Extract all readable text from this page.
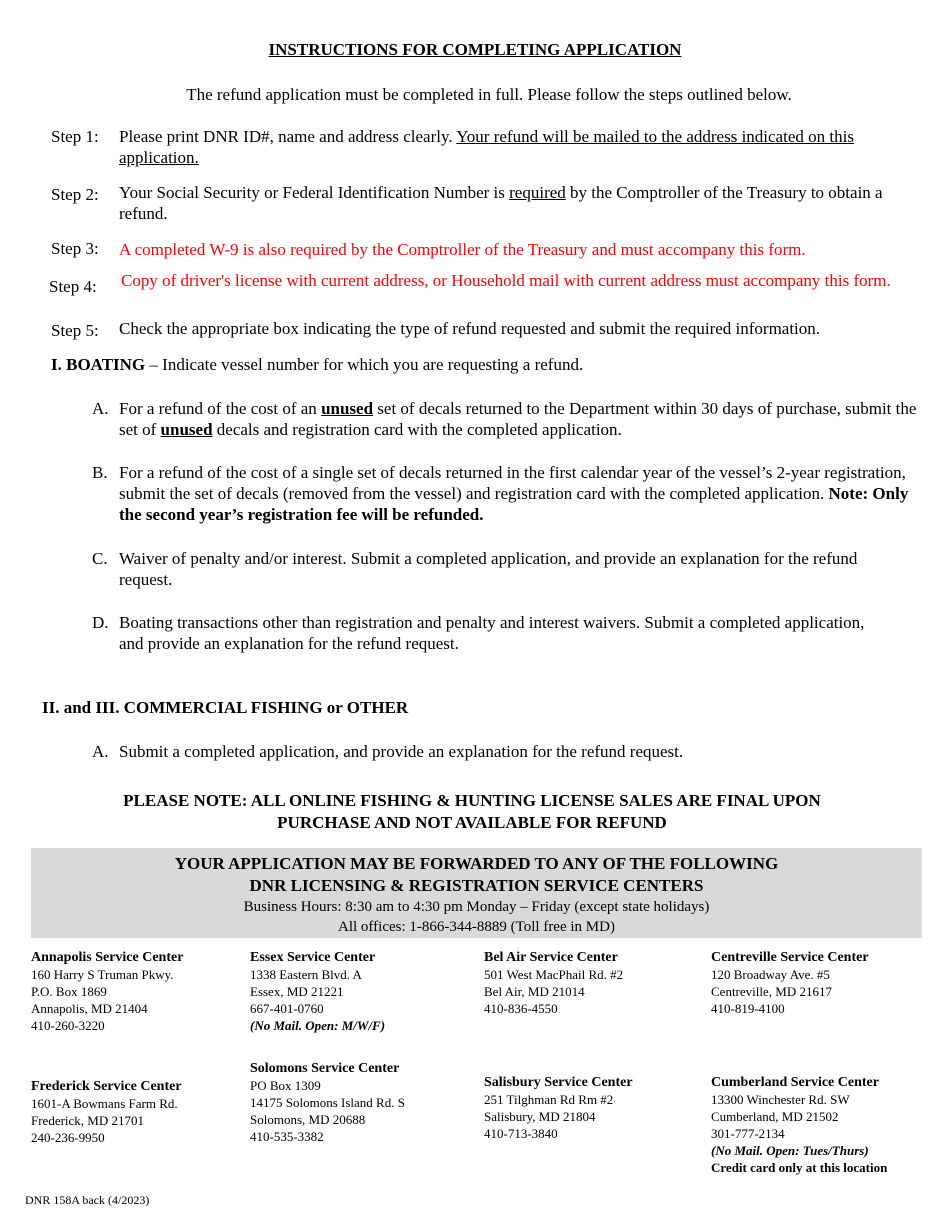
INSTRUCTIONS FOR COMPLETING APPLICATION
The refund application must be completed in full. Please follow the steps outlined below.
Step 1: Please print DNR ID#, name and address clearly. Your refund will be mailed to the address indicated on this application.
Step 2: Your Social Security or Federal Identification Number is required by the Comptroller of the Treasury to obtain a refund.
Step 3: A completed W-9 is also required by the Comptroller of the Treasury and must accompany this form.
Step 4: Copy of driver's license with current address, or Household mail with current address must accompany this form.
Step 5: Check the appropriate box indicating the type of refund requested and submit the required information.
I. BOATING – Indicate vessel number for which you are requesting a refund.
A. For a refund of the cost of an unused set of decals returned to the Department within 30 days of purchase, submit the set of unused decals and registration card with the completed application.
B. For a refund of the cost of a single set of decals returned in the first calendar year of the vessel’s 2-year registration, submit the set of decals (removed from the vessel) and registration card with the completed application. Note: Only the second year’s registration fee will be refunded.
C. Waiver of penalty and/or interest. Submit a completed application, and provide an explanation for the refund request.
D. Boating transactions other than registration and penalty and interest waivers. Submit a completed application, and provide an explanation for the refund request.
II. and III. COMMERCIAL FISHING or OTHER
A. Submit a completed application, and provide an explanation for the refund request.
PLEASE NOTE: ALL ONLINE FISHING & HUNTING LICENSE SALES ARE FINAL UPON
PURCHASE AND NOT AVAILABLE FOR REFUND
YOUR APPLICATION MAY BE FORWARDED TO ANY OF THE FOLLOWING
DNR LICENSING & REGISTRATION SERVICE CENTERS
Business Hours: 8:30 am to 4:30 pm Monday – Friday (except state holidays)
All offices: 1-866-344-8889 (Toll free in MD)
Annapolis Service Center
160 Harry S Truman Pkwy.
P.O. Box 1869
Annapolis, MD 21404
410-260-3220
Essex Service Center
1338 Eastern Blvd. A
Essex, MD 21221
667-401-0760
(No Mail. Open: M/W/F)
Bel Air Service Center
501 West MacPhail Rd. #2
Bel Air, MD 21014
410-836-4550
Centreville Service Center
120 Broadway Ave. #5
Centreville, MD 21617
410-819-4100
Frederick Service Center
1601-A Bowmans Farm Rd.
Frederick, MD 21701
240-236-9950
Solomons Service Center
PO Box 1309
14175 Solomons Island Rd. S
Solomons, MD 20688
410-535-3382
Salisbury Service Center
251 Tilghman Rd Rm #2
Salisbury, MD 21804
410-713-3840
Cumberland Service Center
13300 Winchester Rd. SW
Cumberland, MD 21502
301-777-2134
(No Mail. Open: Tues/Thurs)
Credit card only at this location
DNR 158A back (4/2023)
